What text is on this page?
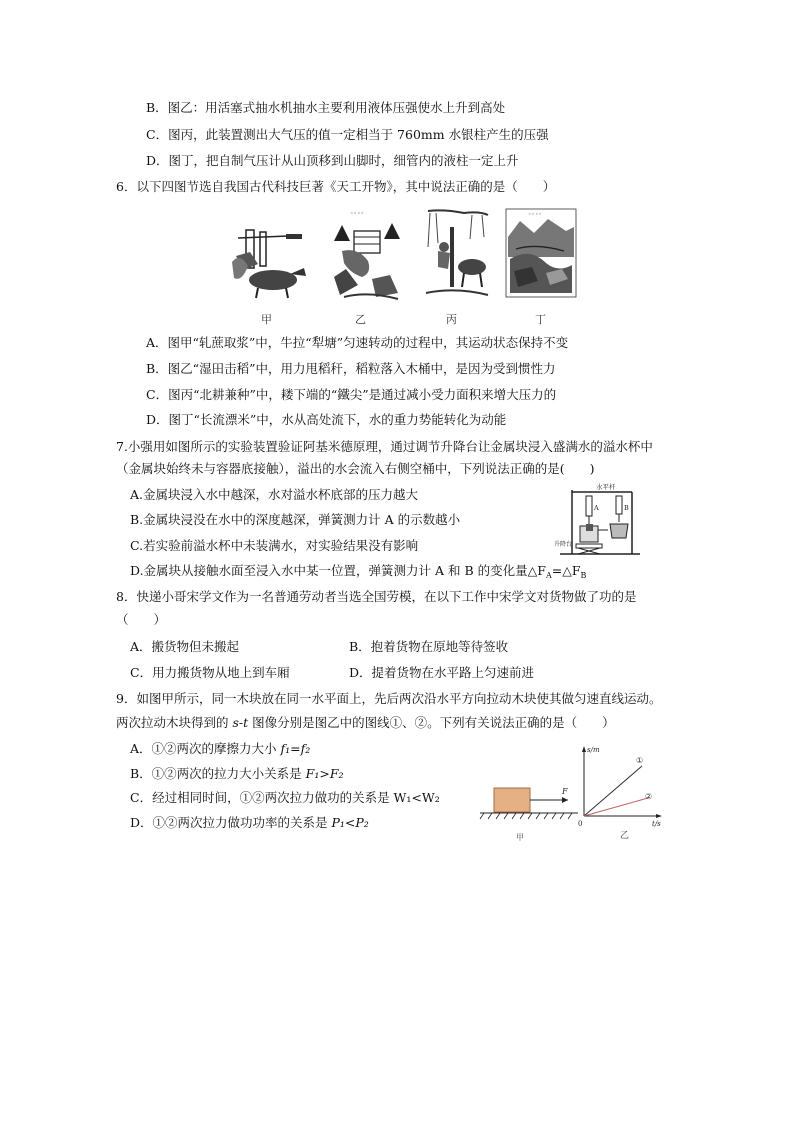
B．图乙：用活塞式抽水机抽水主要利用液体压强使水上升到高处
C．图丙，此装置测出大气压的值一定相当于 760mm 水银柱产生的压强
D．图丁，把自制气压计从山顶移到山脚时，细管内的液柱一定上升
6．以下四图节选自我国古代科技巨著《天工开物》，其中说法正确的是（　　）
◦◦◦◦	◦◦◦◦
甲	乙	丙	丁
A．图甲“轧蔗取浆”中，牛拉“犁塘”匀速转动的过程中，其运动状态保持不变
B．图乙“湿田击稻”中，用力甩稻秆，稻粒落入木桶中，是因为受到惯性力
C．图丙“北耕兼种”中，耧下端的“鐵尖”是通过减小受力面积来增大压力的
D．图丁“长流漂米”中，水从高处流下，水的重力势能转化为动能
7.小强用如图所示的实验装置验证阿基米德原理，通过调节升降台让金属块浸入盛满水的溢水杯中
（金属块始终未与容器底接触），溢出的水会流入右侧空桶中，下列说法正确的是(　　)
A.金属块浸入水中越深，水对溢水杯底部的压力越大
B.金属块浸没在水中的深度越深，弹簧测力计 A 的示数越小
C.若实验前溢水杯中未装满水，对实验结果没有影响
D.金属块从接触水面至浸入水中某一位置，弹簧测力计 A 和 B 的变化量$\triangle F_A=\triangle F_B$
水平杆
A	B
升降台
8．快递小哥宋学文作为一名普通劳动者当选全国劳模，在以下工作中宋学文对货物做了功的是
（　　）
A．搬货物但未搬起	B．抱着货物在原地等待签收
C．用力搬货物从地上到车厢	D．提着货物在水平路上匀速前进
9．如图甲所示，同一木块放在同一水平面上，先后两次沿水平方向拉动木块使其做匀速直线运动。
两次拉动木块得到的 s-t 图像分别是图乙中的图线①、②。下列有关说法正确的是（　　）
A．①②两次的摩擦力大小 f₁=f₂
B．①②两次的拉力大小关系是 F₁>F₂
C．经过相同时间，①②两次拉力做功的关系是 W₁<W₂
D．①②两次拉力做功功率的关系是 P₁<P₂
F
甲
s/m
t/s
0
①
②
乙
